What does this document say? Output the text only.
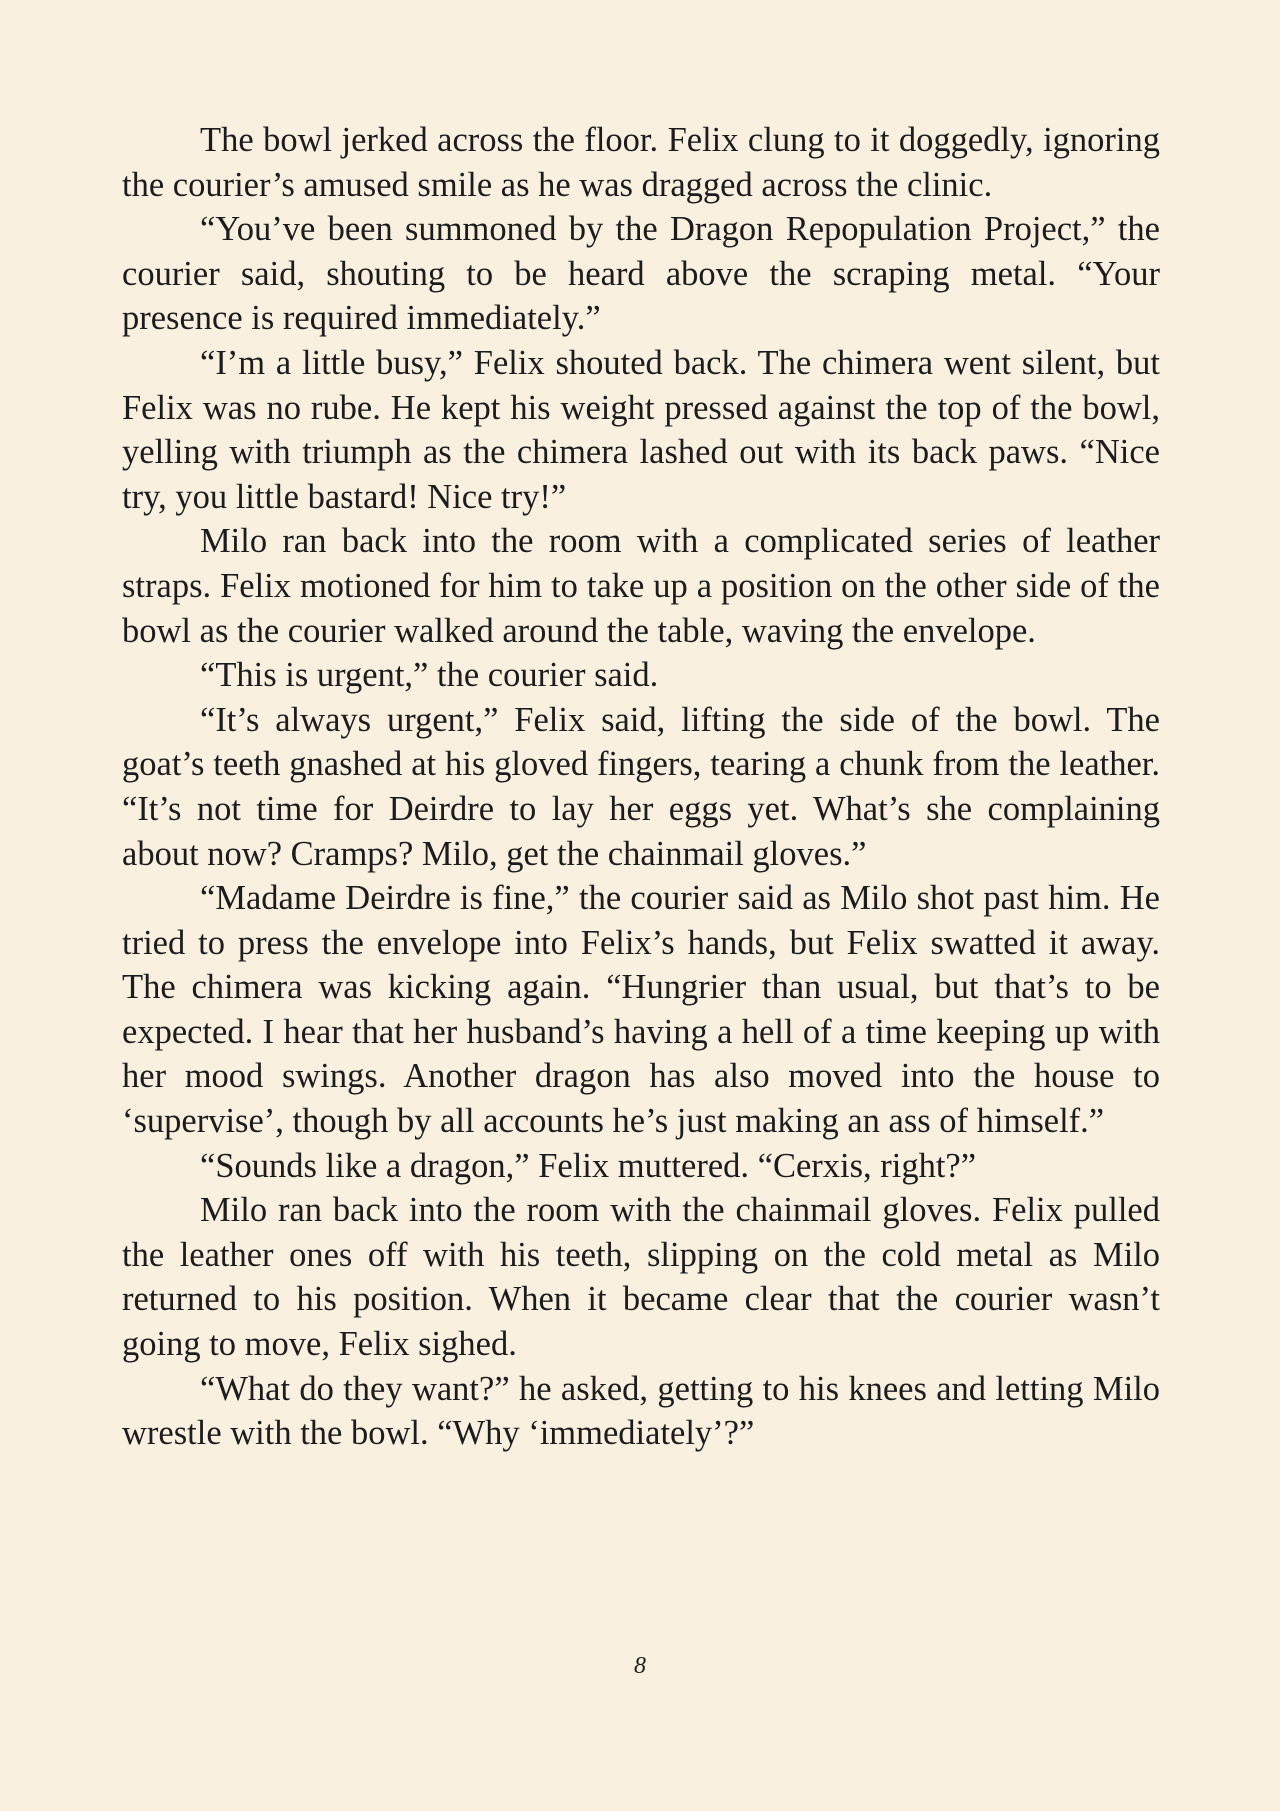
The bowl jerked across the floor. Felix clung to it doggedly, ignoring the courier’s amused smile as he was dragged across the clinic.

“You’ve been summoned by the Dragon Repopulation Project,” the courier said, shouting to be heard above the scraping metal. “Your presence is required immediately.”

“I’m a little busy,” Felix shouted back. The chimera went silent, but Felix was no rube. He kept his weight pressed against the top of the bowl, yelling with triumph as the chimera lashed out with its back paws. “Nice try, you little bastard! Nice try!”

Milo ran back into the room with a complicated series of leather straps. Felix motioned for him to take up a position on the other side of the bowl as the courier walked around the table, waving the envelope.

“This is urgent,” the courier said.

“It’s always urgent,” Felix said, lifting the side of the bowl. The goat’s teeth gnashed at his gloved fingers, tearing a chunk from the leather. “It’s not time for Deirdre to lay her eggs yet. What’s she complaining about now? Cramps? Milo, get the chainmail gloves.”

“Madame Deirdre is fine,” the courier said as Milo shot past him. He tried to press the envelope into Felix’s hands, but Felix swatted it away. The chimera was kicking again. “Hungrier than usual, but that’s to be expected. I hear that her husband’s having a hell of a time keeping up with her mood swings. Another dragon has also moved into the house to ‘supervise’, though by all accounts he’s just making an ass of himself.”

“Sounds like a dragon,” Felix muttered. “Cerxis, right?”

Milo ran back into the room with the chainmail gloves. Felix pulled the leather ones off with his teeth, slipping on the cold metal as Milo returned to his position. When it became clear that the courier wasn’t going to move, Felix sighed.

“What do they want?” he asked, getting to his knees and letting Milo wrestle with the bowl. “Why ‘immediately’?”

8
